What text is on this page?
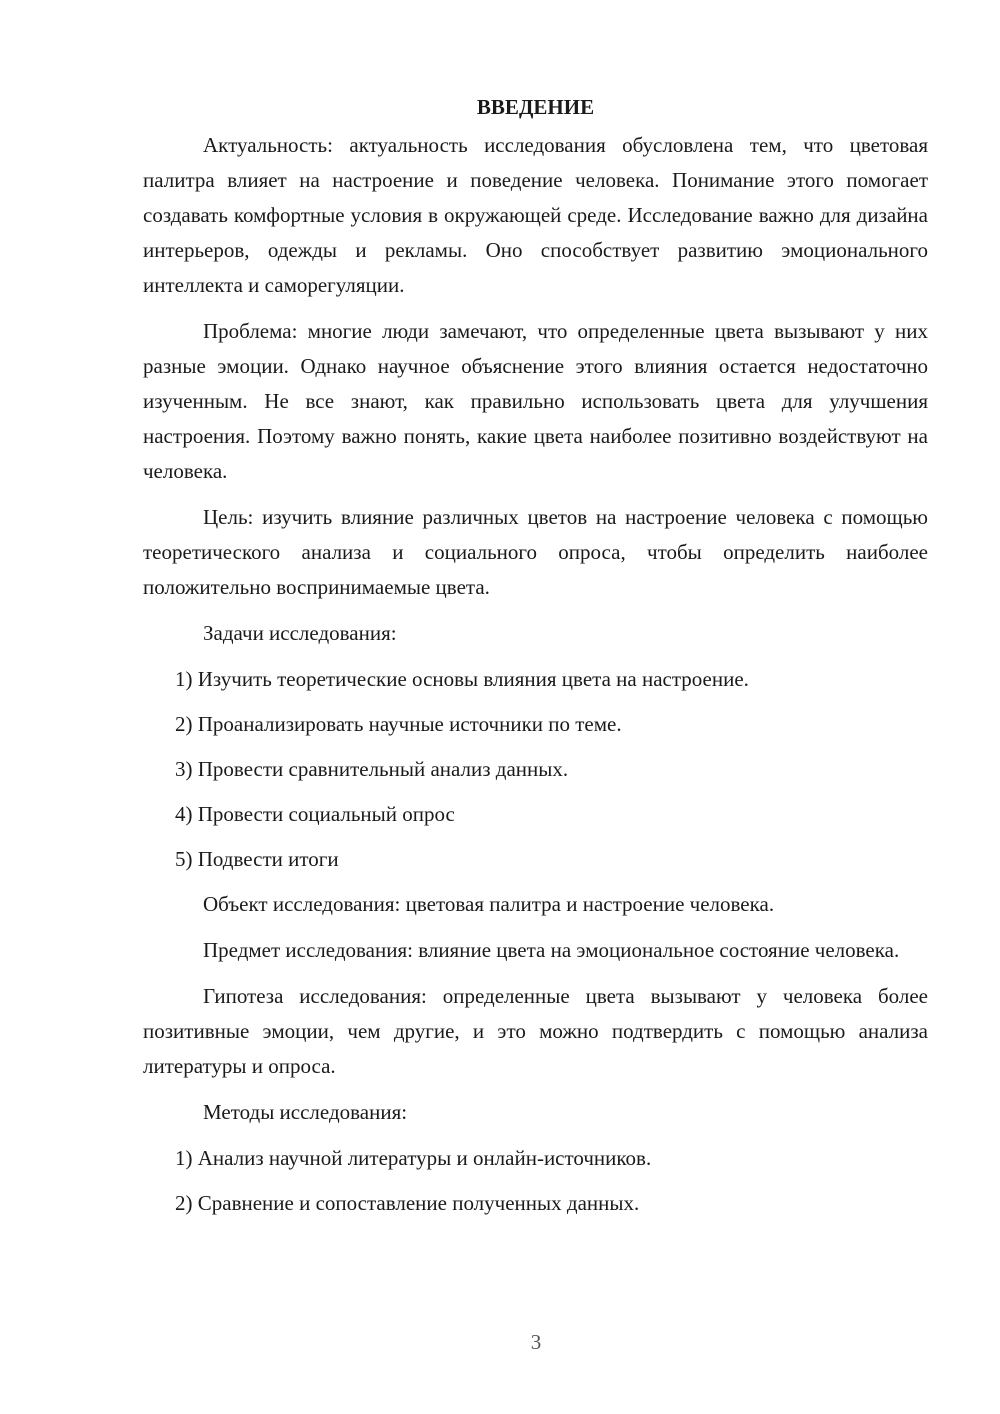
ВВЕДЕНИЕ

Актуальность: актуальность исследования обусловлена тем, что цветовая палитра влияет на настроение и поведение человека. Понимание этого помогает создавать комфортные условия в окружающей среде. Исследование важно для дизайна интерьеров, одежды и рекламы. Оно способствует развитию эмоционального интеллекта и саморегуляции.

Проблема: многие люди замечают, что определенные цвета вызывают у них разные эмоции. Однако научное объяснение этого влияния остается недостаточно изученным. Не все знают, как правильно использовать цвета для улучшения настроения. Поэтому важно понять, какие цвета наиболее позитивно воздействуют на человека.

Цель: изучить влияние различных цветов на настроение человека с помощью теоретического анализа и социального опроса, чтобы определить наиболее положительно воспринимаемые цвета.

Задачи исследования:

1) Изучить теоретические основы влияния цвета на настроение.

2) Проанализировать научные источники по теме.

3) Провести сравнительный анализ данных.

4) Провести социальный опрос

5) Подвести итоги

Объект исследования: цветовая палитра и настроение человека.

Предмет исследования: влияние цвета на эмоциональное состояние человека.

Гипотеза исследования: определенные цвета вызывают у человека более позитивные эмоции, чем другие, и это можно подтвердить с помощью анализа литературы и опроса.

Методы исследования:

1) Анализ научной литературы и онлайн-источников.

2) Сравнение и сопоставление полученных данных.

3
